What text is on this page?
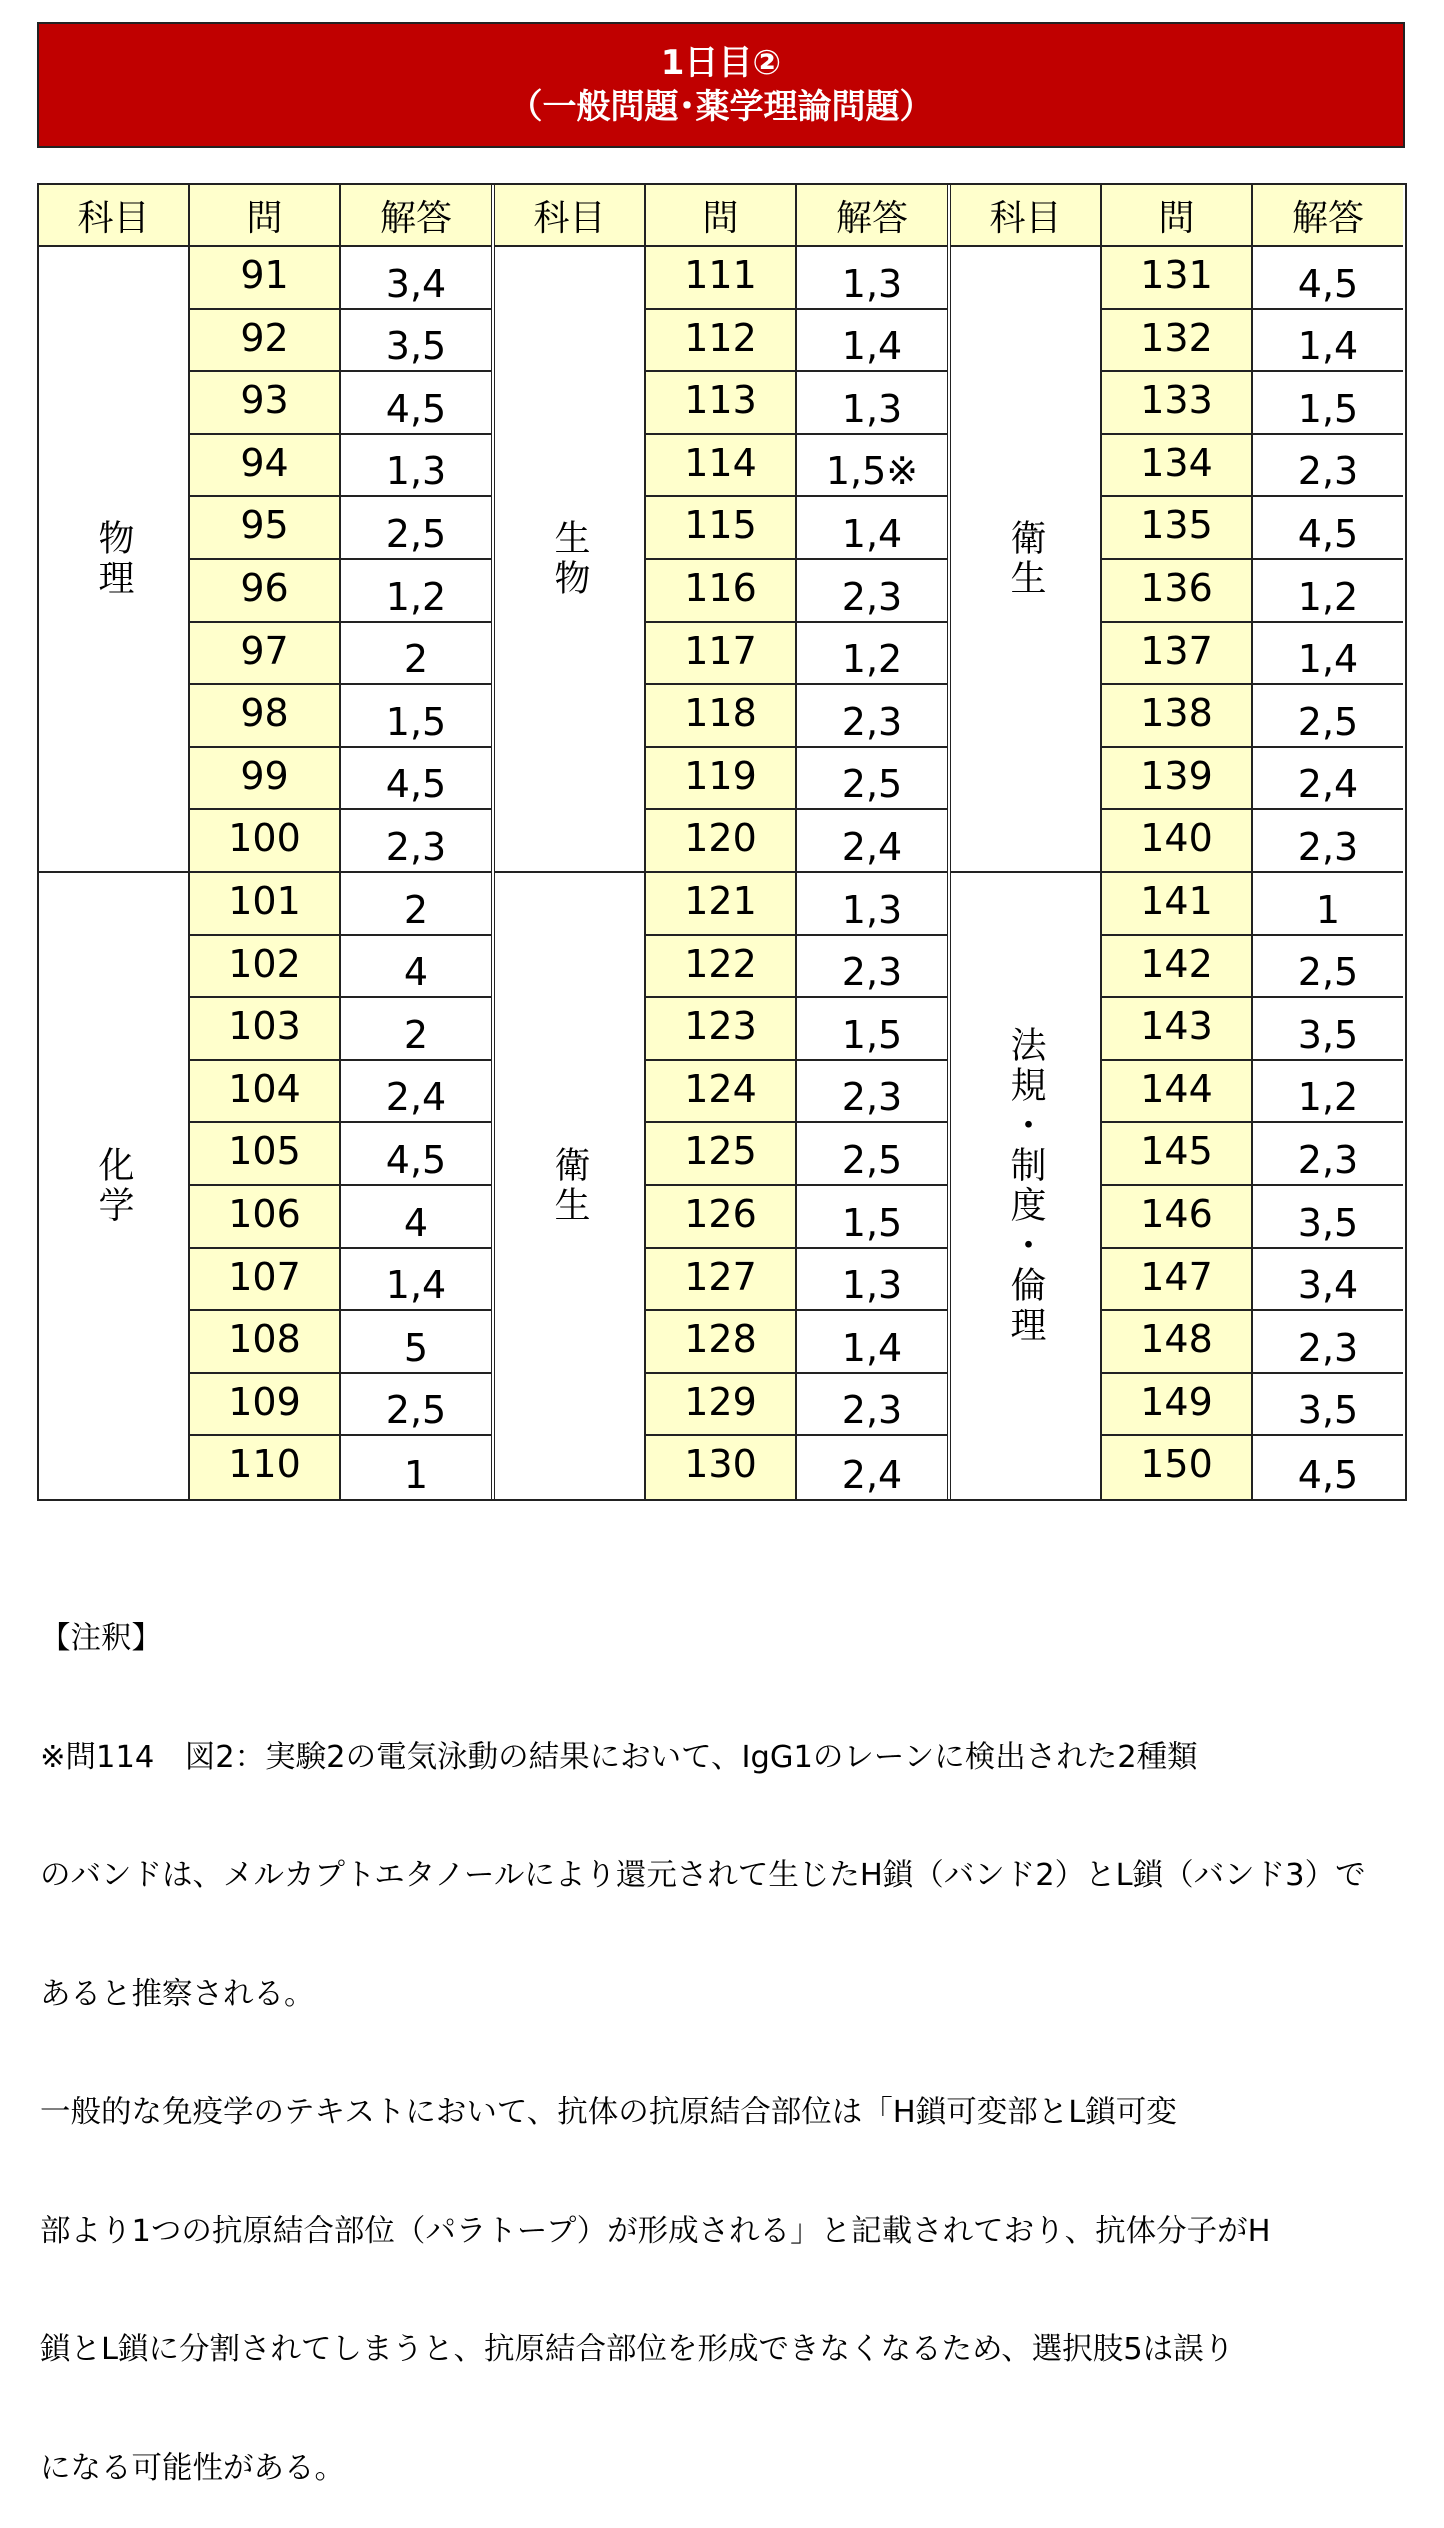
1日目②
（一般問題･薬学理論問題）
科目	問	解答
物理
91	3,4
92	3,5
93	4,5
94	1,3
95	2,5
96	1,2
97	2
98	1,5
99	4,5
100	2,3
化学
101	2
102	4
103	2
104	2,4
105	4,5
106	4
107	1,4
108	5
109	2,5
110	1
科目	問	解答
生物
111	1,3
112	1,4
113	1,3
114	1,5※
115	1,4
116	2,3
117	1,2
118	2,3
119	2,5
120	2,4
衛生
121	1,3
122	2,3
123	1,5
124	2,3
125	2,5
126	1,5
127	1,3
128	1,4
129	2,3
130	2,4
科目	問	解答
衛生
131	4,5
132	1,4
133	1,5
134	2,3
135	4,5
136	1,2
137	1,4
138	2,5
139	2,4
140	2,3
法規・制度・倫理
141	1
142	2,5
143	3,5
144	1,2
145	2,3
146	3,5
147	3,4
148	2,3
149	3,5
150	4,5

【注釈】

※問114　図2：実験2の電気泳動の結果において、IgG1のレーンに検出された2種類

のバンドは、メルカプトエタノールにより還元されて生じたH鎖（バンド2）とL鎖（バンド3）で

あると推察される。

一般的な免疫学のテキストにおいて、抗体の抗原結合部位は「H鎖可変部とL鎖可変

部より1つの抗原結合部位（パラトープ）が形成される」と記載されており、抗体分子がH

鎖とL鎖に分割されてしまうと、抗原結合部位を形成できなくなるため、選択肢5は誤り

になる可能性がある。
